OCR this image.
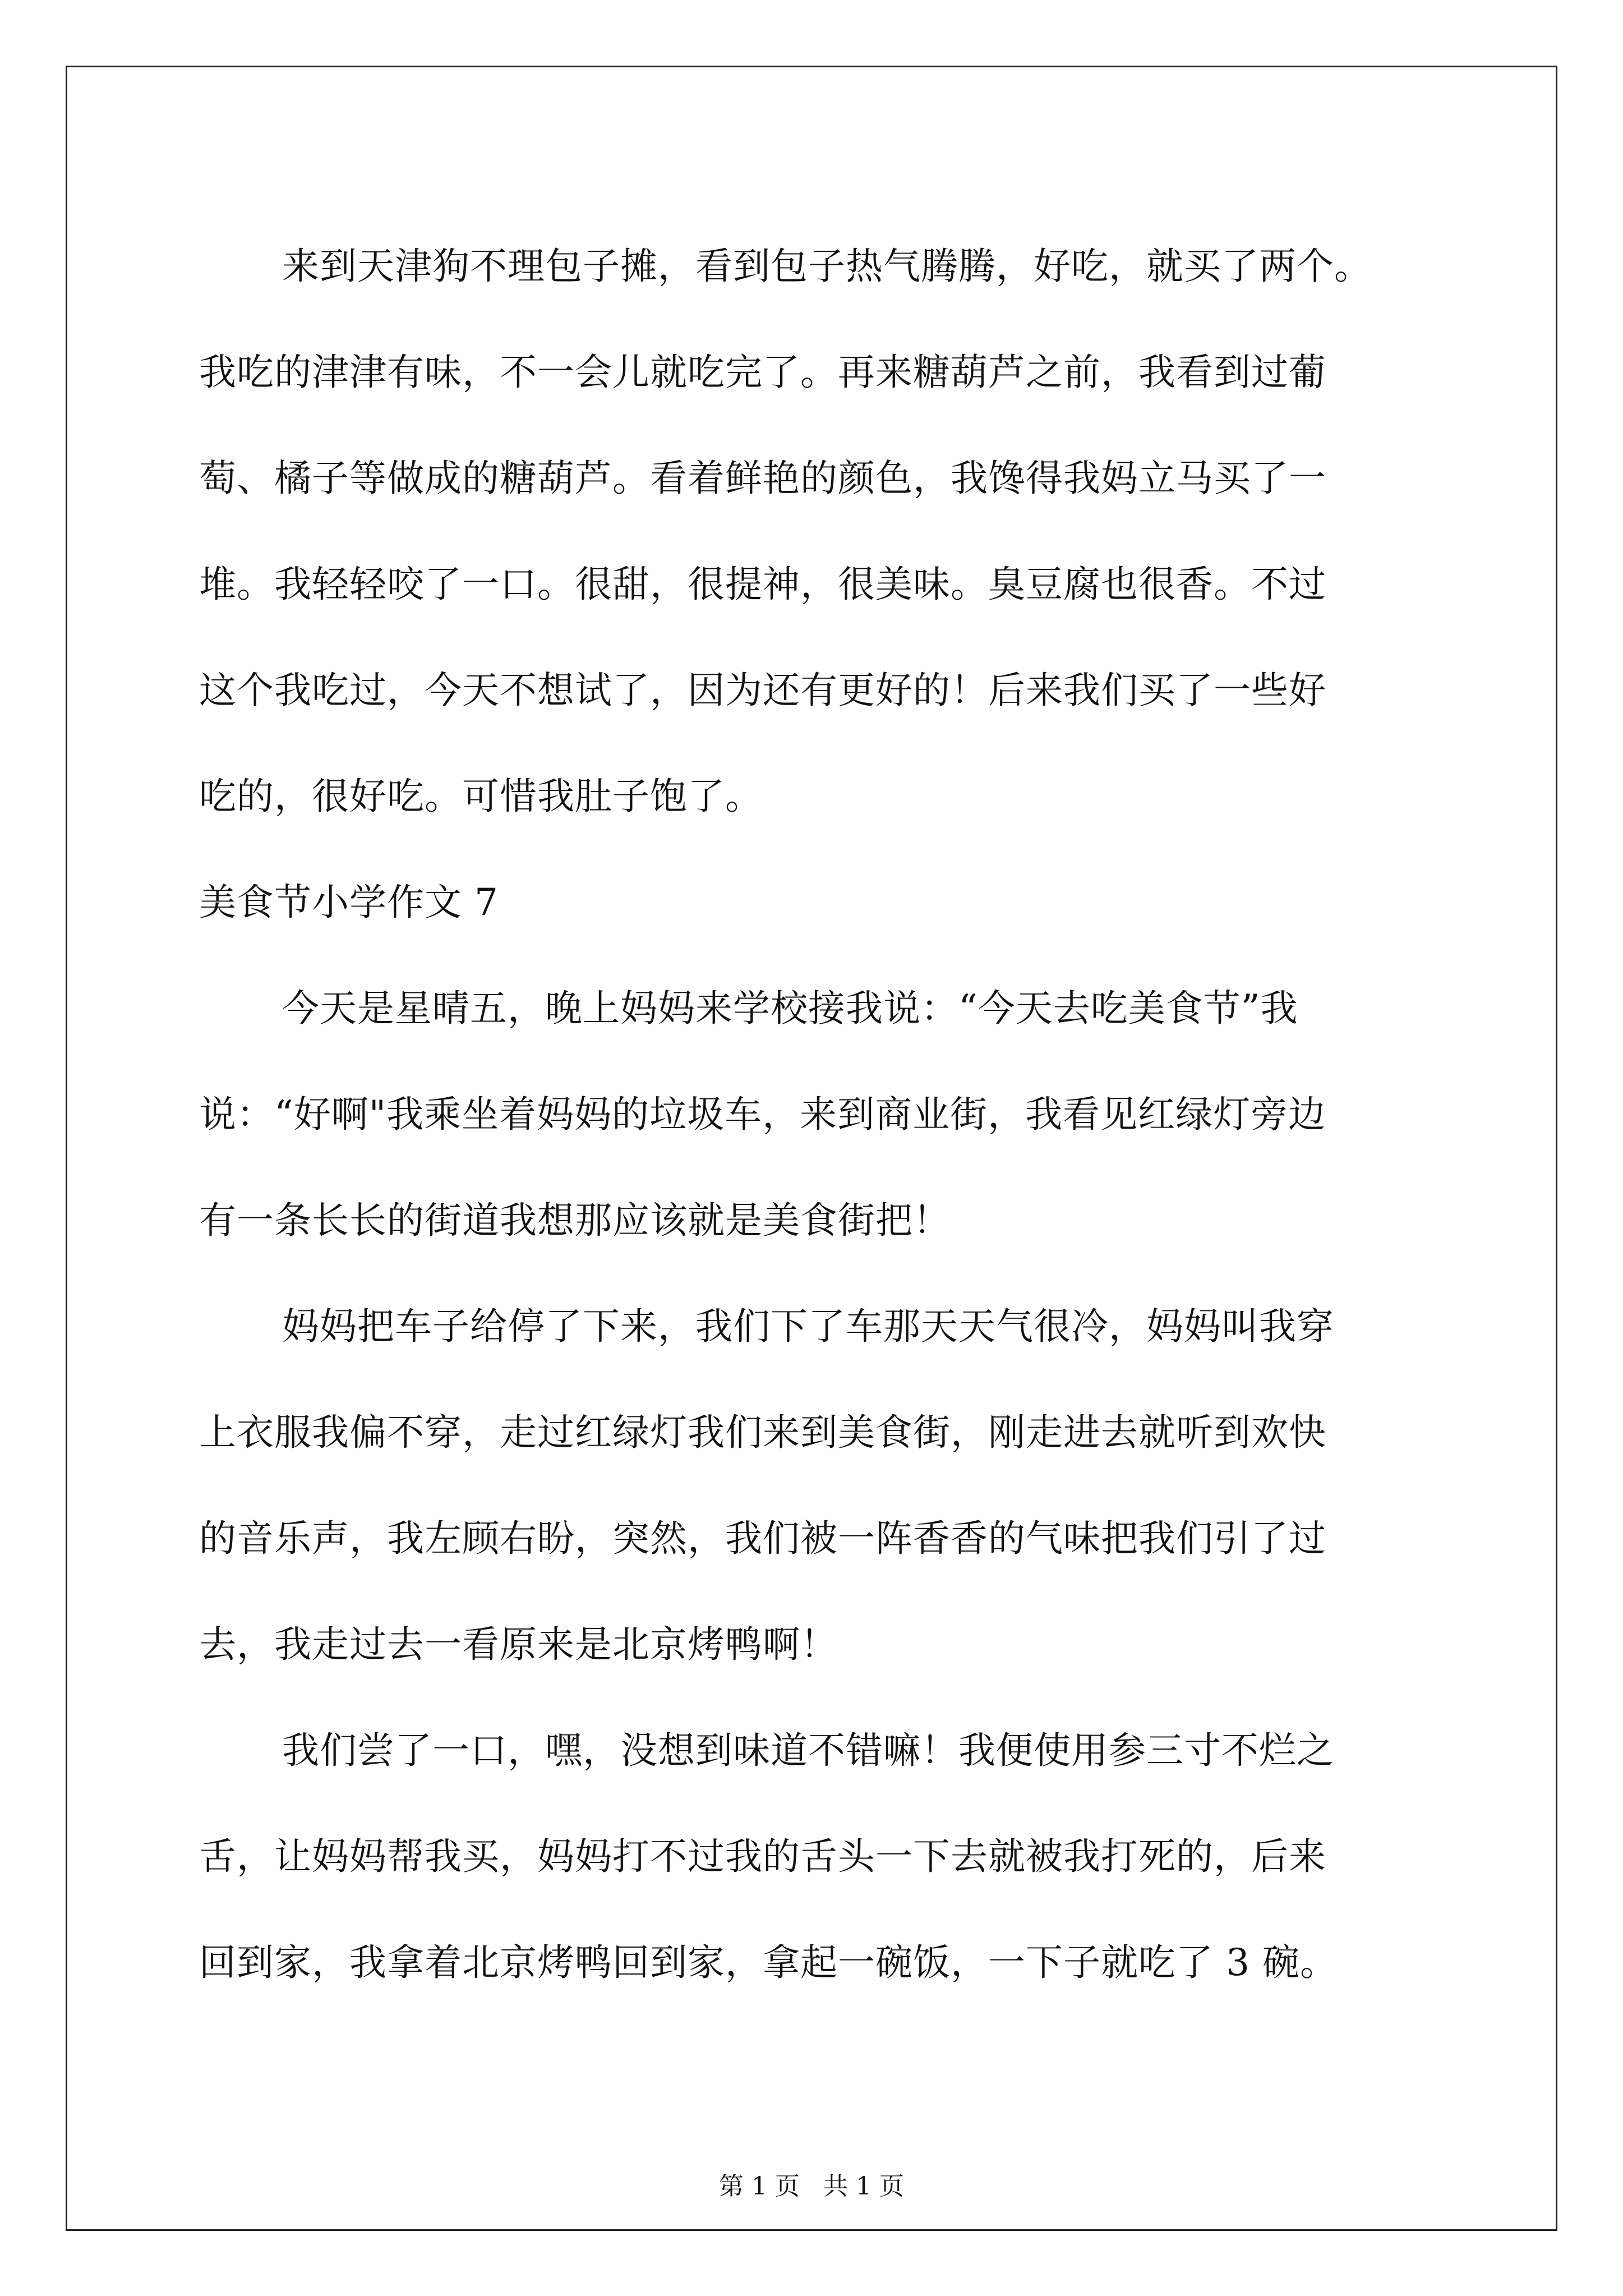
来到天津狗不理包子摊，看到包子热气腾腾，好吃，就买了两个。
我吃的津津有味，不一会儿就吃完了。再来糖葫芦之前，我看到过葡
萄、橘子等做成的糖葫芦。看着鲜艳的颜色，我馋得我妈立马买了一
堆。我轻轻咬了一口。很甜，很提神，很美味。臭豆腐也很香。不过
这个我吃过，今天不想试了，因为还有更好的！后来我们买了一些好
吃的，很好吃。可惜我肚子饱了。
美食节小学作文 7
今天是星晴五，晚上妈妈来学校接我说：“今天去吃美食节”我
说：“好啊"我乘坐着妈妈的垃圾车，来到商业街，我看见红绿灯旁边
有一条长长的街道我想那应该就是美食街把！
妈妈把车子给停了下来，我们下了车那天天气很冷，妈妈叫我穿
上衣服我偏不穿，走过红绿灯我们来到美食街，刚走进去就听到欢快
的音乐声，我左顾右盼，突然，我们被一阵香香的气味把我们引了过
去，我走过去一看原来是北京烤鸭啊！
我们尝了一口，嘿，没想到味道不错嘛！我便使用参三寸不烂之
舌，让妈妈帮我买，妈妈打不过我的舌头一下去就被我打死的，后来
回到家，我拿着北京烤鸭回到家，拿起一碗饭，一下子就吃了 3 碗。
第 1 页   共 1 页
